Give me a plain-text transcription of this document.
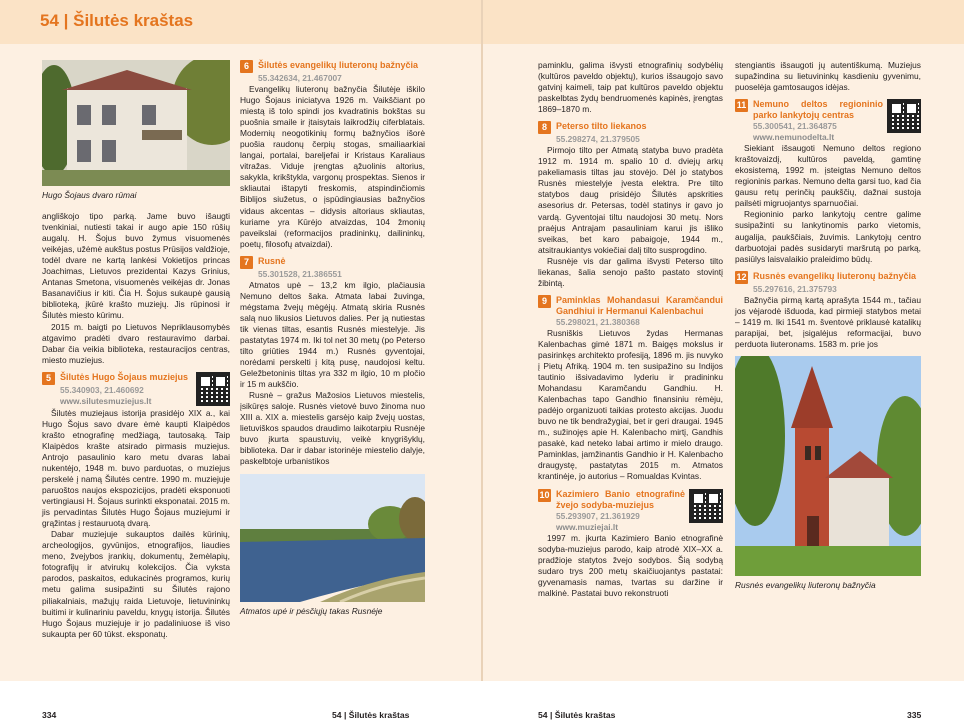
54 | Šilutės kraštas
Hugo Šojaus dvaro rūmai

angliškojo tipo parką. Jame buvo išaugti tvenkiniai, nutiesti takai ir augo apie 150 rūšių augalų. H. Šojus buvo žymus visuomenės veikėjas, užėmė aukštus postus Prūsijos valdžioje, todėl dvare ne kartą lankėsi Vokietijos princas Joachimas, Lietuvos prezidentai Kazys Grinius, Antanas Smetona, visuomenės veikėjas dr. Jonas Basanavičius ir kiti. Čia H. Šojus sukaupė gausią biblioteką, įkūrė krašto muziejų. Jis rūpinosi ir Šilutės miesto kūrimu.

2015 m. baigti po Lietuvos Nepriklausomybės atgavimo pradėti dvaro restauravimo darbai. Dabar čia veikia biblioteka, restauracijos centras, miesto muziejus.

5	Šilutės Hugo Šojaus muziejus
55.340903, 21.460692
www.silutesmuziejus.lt

Šilutės muziejaus istorija prasidėjo XIX a., kai Hugo Šojus savo dvare ėmė kaupti Klaipėdos krašto etnografinę medžiagą, tautosaką. Taip Klaipėdos krašte atsirado pirmasis muziejus. Antrojo pasaulinio karo metu dvaras labai nukentėjo, 1948 m. buvo parduotas, o muziejus perskelė į namą Šilutės centre. 1990 m. muziejuje paruoštos naujos ekspozicijos, pradėti eksponuoti vertingiausi H. Šojaus surinkti eksponatai. 2015 m. jis pervadintas Šilutės Hugo Šojaus muziejumi ir grąžintas į restauruotą dvarą.

Dabar muziejuje sukauptos dailės kūrinių, archeologijos, gyvūnijos, etnografijos, liaudies meno, žvejybos įrankių, dokumentų, žemėlapių, fotografijų ir atvirukų kolekcijos. Čia vyksta parodos, paskaitos, edukacinės programos, kurių metu galima susipažinti su Šilutės rajono piliakalniais, mažųjų raida Lietuvoje, lietuvininkų buitimi ir kulinariniu paveldu, knygų istorija. Šilutės Hugo Šojaus muziejuje ir jo padaliniuose iš viso sukaupta per 60 tūkst. eksponatų.

334
6	Šilutės evangelikų liuteronų bažnyčia
55.342634, 21.467007

Evangelikų liuteronų bažnyčia Šilutėje iškilo Hugo Šojaus iniciatyva 1926 m. Vaikščiant po miestą iš tolo spindi jos kvadratinis bokštas su puošnia smaile ir įtaisytais laikrodžių ciferblatais. Modernių neogotikinių formų bažnyčios išorė puošia raudonų čerpių stogas, smailiaarkiai langai, portalai, bareljefai ir Kristaus Karaliaus vitražas. Viduje įrengtas ąžuolinis altorius, sakykla, krikštykla, vargonų prospektas. Sienos ir skliautai ištapyti freskomis, atspindinčiomis Biblijos siužetus, o įspūdingiausias bažnyčios vidaus akcentas – didysis altoriaus skliautas, kuriame yra Kūrėjo atvaizdas, 104 žmonių paveikslai (reformacijos pradininkų, dailininkų, poetų, filosofų atvaizdai).

7	Rusnė
55.301528, 21.386551

Atmatos upė – 13,2 km ilgio, plačiausia Nemuno deltos šaka. Atmata labai žuvinga, mėgstama žvejų mėgėjų. Atmatą skiria Rusnės salą nuo likusios Lietuvos dalies. Per ją nutiestas tik vienas tiltas, esantis Rusnės miestelyje. Jis pastatytas 1974 m. Iki tol net 30 metų (po Peterso tilto griūties 1944 m.) Rusnės gyventojai, norėdami perskelti į kitą pusę, naudojosi keltu. Geležbetoninis tiltas yra 332 m ilgio, 10 m pločio ir 15 m aukščio.

Rusnė – gražus Mažosios Lietuvos miestelis, įsikūręs saloje. Rusnės vietovė buvo žinoma nuo XIII a. XIX a. miestelis garsėjo kaip žvejų uostas, lietuviškos spaudos draudimo laikotarpiu Rusnėje buvo įkurta spaustuvių, veikė knygrišyklų, biblioteka. Dar ir dabar istorinėje miestelio dalyje, paskelbtoje urbanistikos

Atmatos upė ir pėsčiųjų takas Rusnėje
54 | Šilutės kraštas

paminklu, galima išvysti etnografinių sodybėlių (kultūros paveldo objektų), kurios išsaugojo savo gatvinį kaimeli, taip pat kultūros paveldo objektu paskelbtas žydų bendruomenės kapinės, įrengtas 1869–1870 m.

8	Peterso tilto liekanos
55.298274, 21.379505

Pirmojo tilto per Atmatą statyba buvo pradėta 1912 m. 1914 m. spalio 10 d. dviejų arkų pakeliamasis tiltas jau stovėjo. Dėl jo statybos Rusnės miestelyje įvesta elektra. Pre tilto statybos daug prisidėjo Šilutės apskrities asesorius dr. Petersas, todėl statinys ir gavo jo vardą. Gyventojai tiltu naudojosi 30 metų. Nors praėjus Antrajam pasauliniam karui jis išliko sveikas, bet karo pabaigoje, 1944 m., atsitraukiantys vokiečiai dalį tilto susprogdino.

Rusnėje vis dar galima išvysti Peterso tilto liekanas, šalia senojo pašto pastato stovintį žibintą.

9	Paminklas Mohandasui Karamčandui Gandhiui ir Hermanui Kalenbachui
55.298021, 21.380368

Rusniškis Lietuvos žydas Hermanas Kalenbachas gimė 1871 m. Baigęs mokslus ir pasirinkęs architekto profesiją, 1896 m. jis nuvyko į Pietų Afriką. 1904 m. ten susipažino su Indijos tautinio išsivadavimo lyderiu ir pradininku Mohandasu Karamčandu Gandhiu. H. Kalenbachas tapo Gandhio finansiniu rėmėju, padėjo organizuoti taikias protesto akcijas. Juodu buvo ne tik bendražygiai, bet ir geri draugai. 1945 m., sužinojęs apie H. Kalenbacho mirtį, Gandhis pasakė, kad neteko labai artimo ir mielo draugo. Paminklas, įamžinantis Gandhio ir H. Kalenbacho draugystę, pastatytas 2015 m. Atmatos krantinėje, jo autorius – Romualdas Kvintas.

10 Kazimiero Banio etnografinė žvejo sodyba-muziejus
55.293907, 21.361929
www.muziejai.lt

1997 m. įkurta Kazimiero Banio etnografinė sodyba-muziejus parodo, kaip atrodė XIX–XX a. pradžioje statytos žvejo sodybos. Šią sodybą sudaro trys 200 metų skaičiuojantys pastatai: gyvenamasis namas, tvartas su daržine ir malkinė. Pastatai buvo rekonstruoti

54 | Šilutės kraštas

stengiantis išsaugoti jų autentiškumą. Muziejus supažindina su lietuvininkų kasdieniu gyvenimu, puoselėja gamtosaugos idėjas.

11 Nemuno deltos regioninio parko lankytojų centras
55.300541, 21.364875
www.nemunodelta.lt

Siekiant išsaugoti Nemuno deltos regiono kraštovaizdį, kultūros paveldą, gamtinę ekosistemą, 1992 m. įsteigtas Nemuno deltos regioninis parkas. Nemuno delta garsi tuo, kad čia gausu retų perinčių paukščių, dažnai sustoja pailsėti migruojantys sparnuočiai.

Regioninio parko lankytojų centre galime susipažinti su lankytinomis parko vietomis, augalija, paukščiais, žuvimis. Lankytojų centro darbuotojai padės susidaryti maršrutą po parką, pasiūlys laisvalaikio praleidimo būdų.

12 Rusnės evangelikų liuteronų bažnyčia
55.297616, 21.375793

Bažnyčia pirmą kartą aprašyta 1544 m., tačiau jos vėjarodė išduoda, kad pirmieji statybos metai – 1419 m. Iki 1541 m. šventovė priklausė katalikų parapijai, bet, įsigalėjus reformacijai, buvo perduota liuteronams. 1583 m. prie jos

Rusnės evangelikų liuteronų bažnyčia
335
